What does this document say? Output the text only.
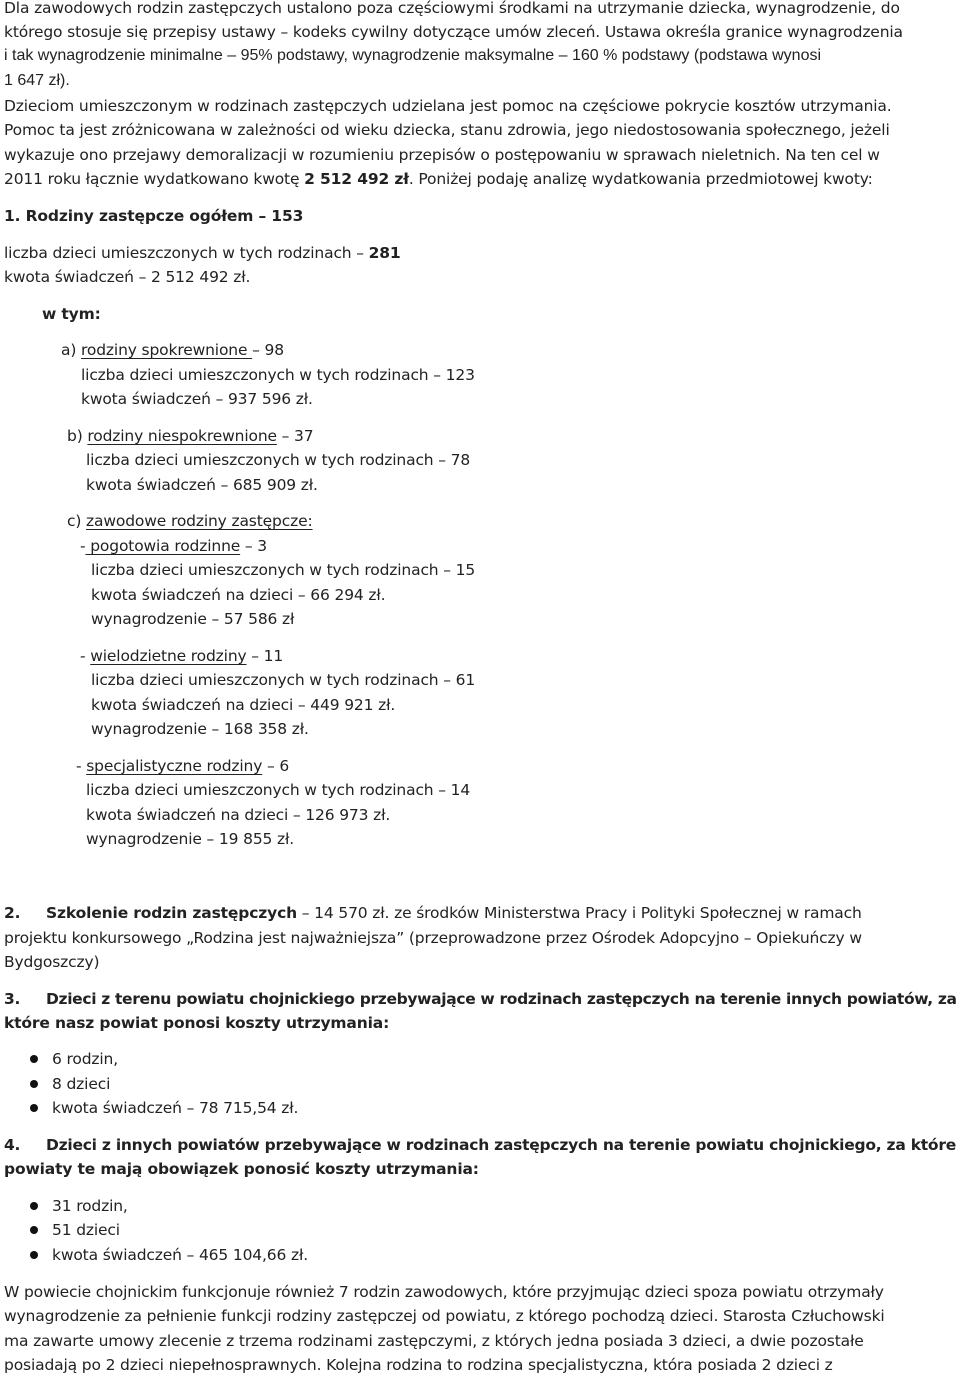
Dla zawodowych rodzin zastępczych ustalono poza częściowymi środkami na utrzymanie dziecka, wynagrodzenie, do
którego stosuje się przepisy ustawy – kodeks cywilny dotyczące umów zleceń. Ustawa określa granice wynagrodzenia
i tak wynagrodzenie minimalne – 95% podstawy, wynagrodzenie maksymalne – 160 % podstawy (podstawa wynosi
1 647 zł).
Dzieciom umieszczonym w rodzinach zastępczych udzielana jest pomoc na częściowe pokrycie kosztów utrzymania.
Pomoc ta jest zróżnicowana w zależności od wieku dziecka, stanu zdrowia, jego niedostosowania społecznego, jeżeli
wykazuje ono przejawy demoralizacji w rozumieniu przepisów o postępowaniu w sprawach nieletnich. Na ten cel w
2011 roku łącznie wydatkowano kwotę 2 512 492 zł. Poniżej podaję analizę wydatkowania przedmiotowej kwoty:
1. Rodziny zastępcze ogółem – 153
liczba dzieci umieszczonych w tych rodzinach – 281
kwota świadczeń – 2 512 492 zł.
w tym:
a) rodziny spokrewnione – 98
liczba dzieci umieszczonych w tych rodzinach – 123
kwota świadczeń – 937 596 zł.
b) rodziny niespokrewnione – 37
liczba dzieci umieszczonych w tych rodzinach – 78
kwota świadczeń – 685 909 zł.
c) zawodowe rodziny zastępcze:
- pogotowia rodzinne – 3
liczba dzieci umieszczonych w tych rodzinach – 15
kwota świadczeń na dzieci – 66 294 zł.
wynagrodzenie – 57 586 zł
- wielodzietne rodziny – 11
liczba dzieci umieszczonych w tych rodzinach – 61
kwota świadczeń na dzieci – 449 921 zł.
wynagrodzenie – 168 358 zł.
- specjalistyczne rodziny – 6
liczba dzieci umieszczonych w tych rodzinach – 14
kwota świadczeń na dzieci – 126 973 zł.
wynagrodzenie – 19 855 zł.
2. Szkolenie rodzin zastępczych – 14 570 zł. ze środków Ministerstwa Pracy i Polityki Społecznej w ramach
projektu konkursowego „Rodzina jest najważniejsza” (przeprowadzone przez Ośrodek Adopcyjno – Opiekuńczy w
Bydgoszczy)
3. Dzieci z terenu powiatu chojnickiego przebywające w rodzinach zastępczych na terenie innych powiatów, za
które nasz powiat ponosi koszty utrzymania:
6 rodzin,
8 dzieci
kwota świadczeń – 78 715,54 zł.
4. Dzieci z innych powiatów przebywające w rodzinach zastępczych na terenie powiatu chojnickiego, za które
powiaty te mają obowiązek ponosić koszty utrzymania:
31 rodzin,
51 dzieci
kwota świadczeń – 465 104,66 zł.
W powiecie chojnickim funkcjonuje również 7 rodzin zawodowych, które przyjmując dzieci spoza powiatu otrzymały
wynagrodzenie za pełnienie funkcji rodziny zastępczej od powiatu, z którego pochodzą dzieci. Starosta Człuchowski
ma zawarte umowy zlecenie z trzema rodzinami zastępczymi, z których jedna posiada 3 dzieci, a dwie pozostałe
posiadają po 2 dzieci niepełnosprawnych. Kolejna rodzina to rodzina specjalistyczna, która posiada 2 dzieci z
